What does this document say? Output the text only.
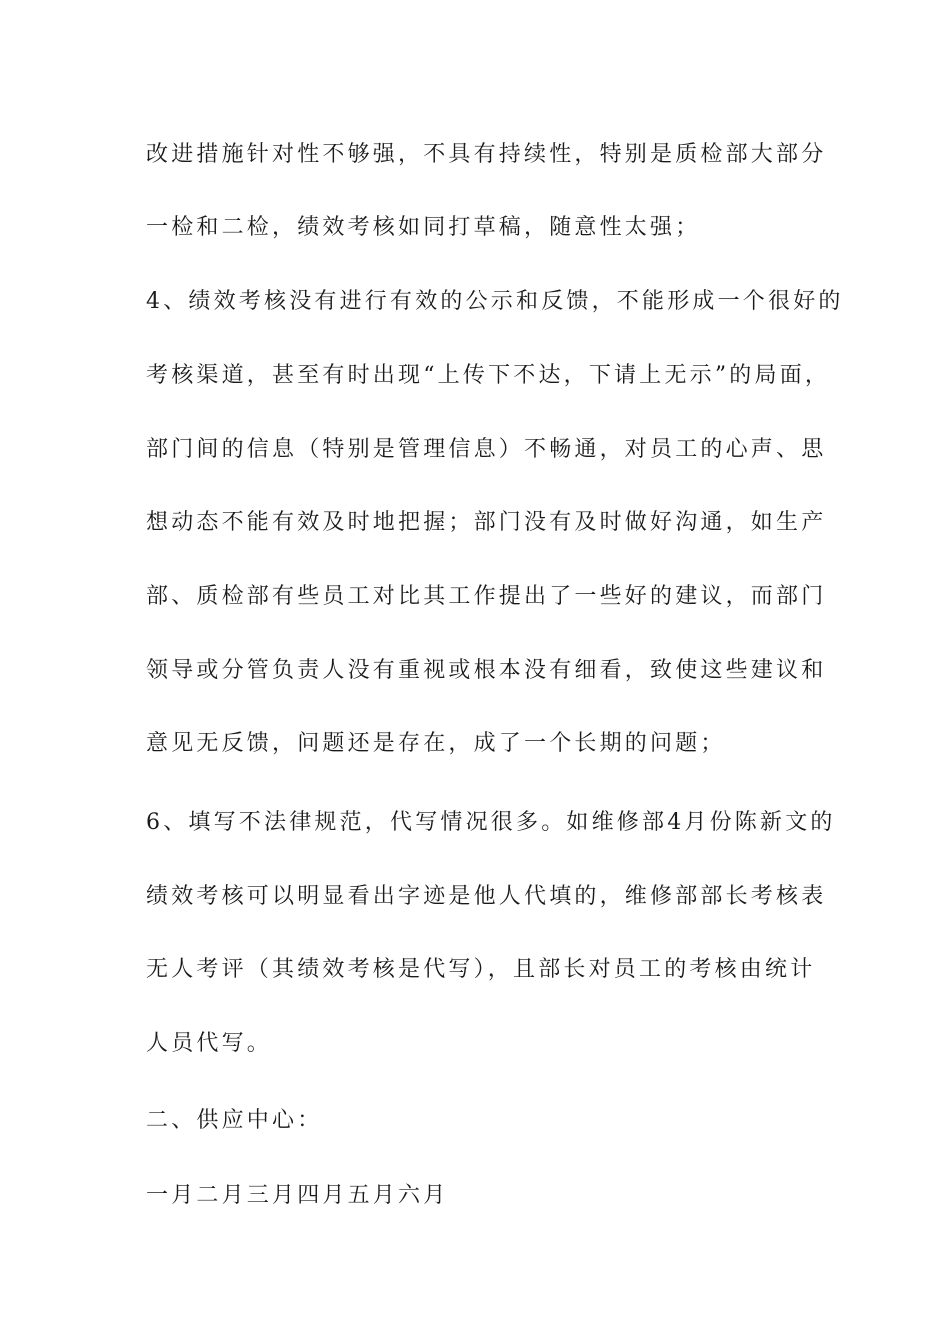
改进措施针对性不够强，不具有持续性，特别是质检部大部分
一检和二检，绩效考核如同打草稿，随意性太强；
4、绩效考核没有进行有效的公示和反馈，不能形成一个很好的
考核渠道，甚至有时出现“上传下不达，下请上无示”的局面，
部门间的信息（特别是管理信息）不畅通，对员工的心声、思
想动态不能有效及时地把握；部门没有及时做好沟通，如生产
部、质检部有些员工对比其工作提出了一些好的建议，而部门
领导或分管负责人没有重视或根本没有细看，致使这些建议和
意见无反馈，问题还是存在，成了一个长期的问题；
6、填写不法律规范，代写情况很多。如维修部4月份陈新文的
绩效考核可以明显看出字迹是他人代填的，维修部部长考核表
无人考评（其绩效考核是代写），且部长对员工的考核由统计
人员代写。
二、供应中心：
一月二月三月四月五月六月
